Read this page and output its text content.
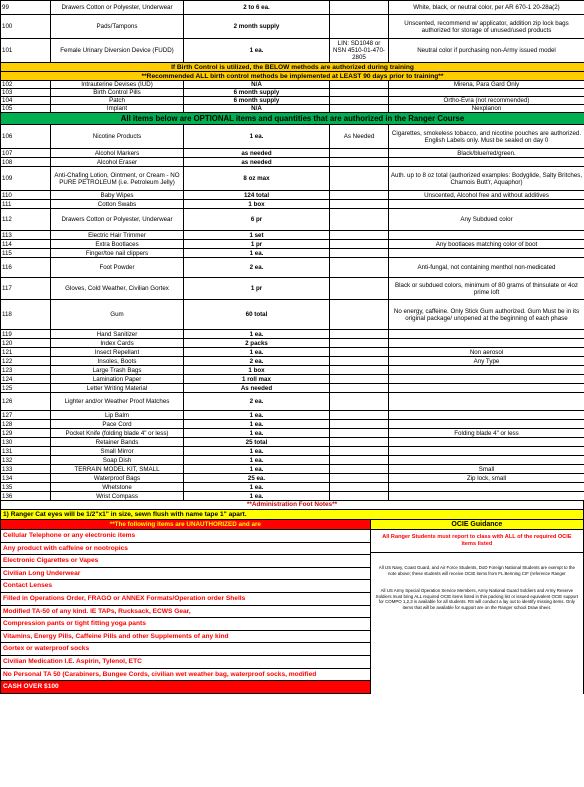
99	Drawers Cotton or Polyester, Underwear	2 to 6 ea.		White, black, or neutral color, per AR 670-1 20-28a(2)
100	Pads/Tampons	2 month supply		Unscented, recommend w/ applicator, addition zip lock bags authorized for storage of unused/used products
101	Female Urinary Diversion Device (FUDD)	1 ea.	LIN: SD1048 or NSN 4510-01-470-2805	Neutral color if purchasing non-Army issued model
If Birth Control is utilized, the BELOW methods are authorized during training				
**Recommended ALL birth control methods be implemented at LEAST 90 days prior to training**				
102	Intrauterine Devises (IUD)	N/A		Mirena, Para Gard Only
103	Birth Control Pills	6 month supply		
104	Patch	6 month supply		Ortho-Evra (not recommended)
105	Implant	N/A		Nexplanon
All items below are OPTIONAL items and quantities that are authorized in the Ranger Course				
106	Nicotine Products	1 ea.	As Needed	Cigarettes, smokeless tobacco, and nicotine pouches are authorized. English Labels only. Must be sealed on day 0
107	Alcohol Markers	as needed		Black/blue/red/green.
108	Alcohol Eraser	as needed		
109	Anti-Chafing Lotion, Ointment, or Cream - NO PURE PETROLEUM (i.e. Petroleum Jelly)	8 oz max		Auth. up to 8 oz total (authorized examples: Bodyglide, Salty Britches, Chamois Butt'r, Aquaphor)
110	Baby Wipes	124 total		Unscented, Alcohol free and without additives
111	Cotton Swabs	1 box		
112	Drawers Cotton or Polyester, Underwear	6 pr		Any Subdued color
113	Electric Hair Trimmer	1 set		
114	Extra Bootlaces	1 pr		Any bootlaces matching color of boot
115	Finger/toe nail clippers	1 ea.		
116	Foot Powder	2 ea.		Anti-fungal, not containing menthol non-medicated
117	Gloves, Cold Weather, Civilian Gortex	1 pr		Black or subdued colors, minimum of 80 grams of thinsulate or 4oz prime loft
118	Gum	60 total		No energy, caffeine. Only Stick Gum authorized. Gum Must be in its original package/ unopened at the beginning of each phase
119	Hand Sanitizer	1 ea.		
120	Index Cards	2 packs		
121	Insect Repellant	1 ea.		Non aerosol
122	Insoles, Boots	2 ea.		Any Type
123	Large Trash Bags	1 box		
124	Lamination Paper	1 roll max		
125	Letter Writing Material	As needed		
126	Lighter and/or Weather Proof Matches	2 ea.		
127	Lip Balm	1 ea.		
128	Pace Cord	1 ea.		
129	Pocket Knife (folding blade 4" or less)	1 ea.		Folding blade 4" or less
130	Retainer Bands	25 total		
131	Small Mirror	1 ea.		
132	Soap Dish	1 ea.		
133	TERRAIN MODEL KIT, SMALL	1 ea.		Small
134	Waterproof Bags	25 ea.		Zip lock, small
135	Whetstone	1 ea.		
136	Wrist Compass	1 ea.		
**Administration Foot Notes**
1) Ranger Cat eyes will be 1/2"x1" in size, sewn flush with name tape 1" apart.
**The following items are UNAUTHORIZED and are
Cellular Telephone or any electronic items
Any product with caffeine or nootropics
Electronic Cigarettes or Vapes
Civilian Long Underwear
Contact Lenses
Filled in Operations Order, FRAGO or ANNEX Formats/Operation order Shells
Modified TA-50 of any kind. IE TAPs, Rucksack, ECWS Gear,
Compression pants or tight fitting yoga pants
Vitamins, Energy Pills, Caffeine Pills and other Supplements of any kind
Gortex or waterproof socks
Civilian Medication I.E. Aspirin, Tylenol, ETC
No Personal TA 50 (Carabiners, Bungee Cords, civilian wet weather bag, waterproof socks, modified
CASH OVER $100
OCIE Guidance
All Ranger Students must report to class with ALL of the required OCIE items listed
All US Navy, Coast Guard, and Air Force Students, DoD Foreign National Students are exempt to the note above; these students will receive OCIE items from FL Benning CIF (reference Ranger
All US Army Special Operation Service Members, Army National Guard Soldiers and Army Reserve Soldiers must bring ALL required OCIE items listed in this packing list or issued equivalent OCIE support for COMPO 1,2,3 is available for all students. RS will conduct a lay out to identify missing items. Only items that will be available for support are on the Ranger school Draw sheet.
